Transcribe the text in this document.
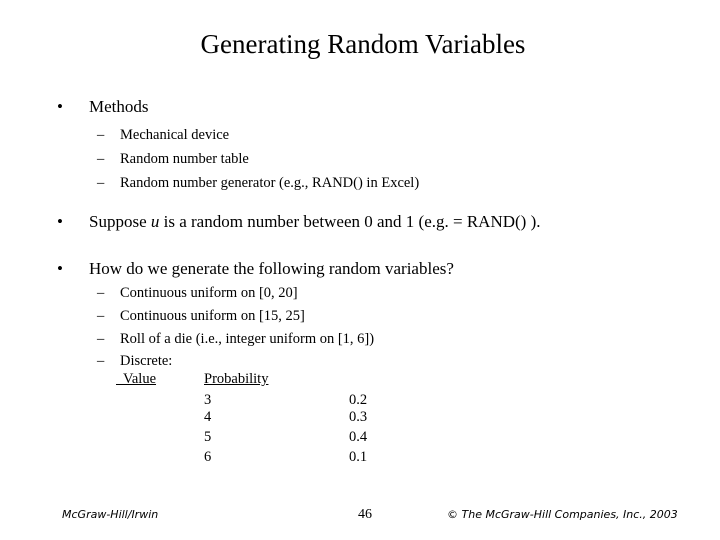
Generating Random Variables
• Methods
– Mechanical device
– Random number table
– Random number generator (e.g., RAND() in Excel)
• Suppose u is a random number between 0 and 1 (e.g. = RAND() ).
• How do we generate the following random variables?
– Continuous uniform on [0, 20]
– Continuous uniform on [15, 25]
– Roll of a die (i.e., integer uniform on [1, 6])
– Discrete:
Value	Probability
3	0.2
4	0.3
5	0.4
6	0.1
McGraw-Hill/Irwin	46	© The McGraw-Hill Companies, Inc., 2003
